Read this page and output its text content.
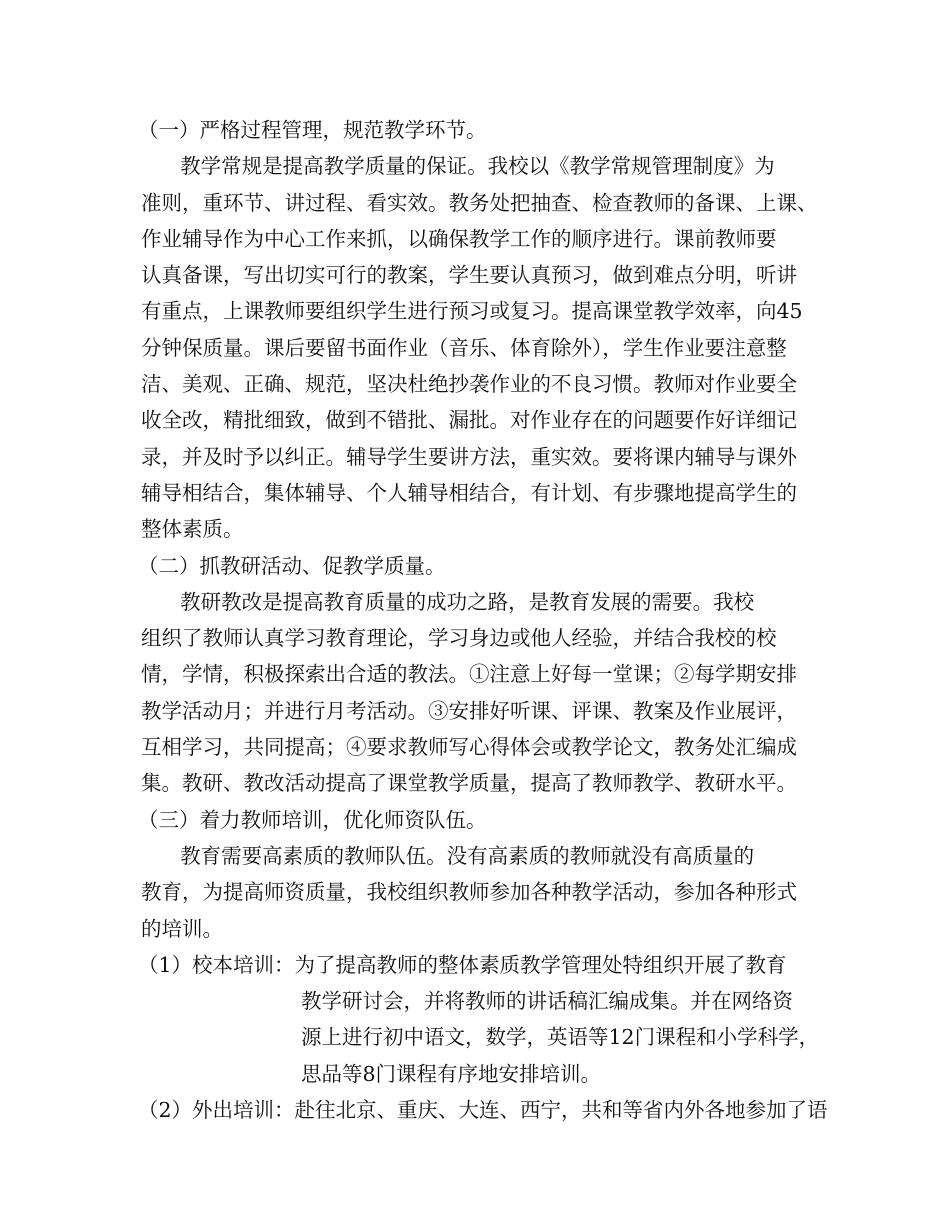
（一）严格过程管理，规范教学环节。
教学常规是提高教学质量的保证。我校以《教学常规管理制度》为
准则，重环节、讲过程、看实效。教务处把抽查、检查教师的备课、上课、
作业辅导作为中心工作来抓，以确保教学工作的顺序进行。课前教师要
认真备课，写出切实可行的教案，学生要认真预习，做到难点分明，听讲
有重点，上课教师要组织学生进行预习或复习。提高课堂教学效率，向45
分钟保质量。课后要留书面作业（音乐、体育除外），学生作业要注意整
洁、美观、正确、规范，坚决杜绝抄袭作业的不良习惯。教师对作业要全
收全改，精批细致，做到不错批、漏批。对作业存在的问题要作好详细记
录，并及时予以纠正。辅导学生要讲方法，重实效。要将课内辅导与课外
辅导相结合，集体辅导、个人辅导相结合，有计划、有步骤地提高学生的
整体素质。
（二）抓教研活动、促教学质量。
教研教改是提高教育质量的成功之路，是教育发展的需要。我校
组织了教师认真学习教育理论，学习身边或他人经验，并结合我校的校
情，学情，积极探索出合适的教法。①注意上好每一堂课；②每学期安排
教学活动月；并进行月考活动。③安排好听课、评课、教案及作业展评，
互相学习，共同提高；④要求教师写心得体会或教学论文，教务处汇编成
集。教研、教改活动提高了课堂教学质量，提高了教师教学、教研水平。
（三）着力教师培训，优化师资队伍。
教育需要高素质的教师队伍。没有高素质的教师就没有高质量的
教育，为提高师资质量，我校组织教师参加各种教学活动，参加各种形式
的培训。
（1）校本培训：为了提高教师的整体素质教学管理处特组织开展了教育
教学研讨会，并将教师的讲话稿汇编成集。并在网络资
源上进行初中语文，数学，英语等12门课程和小学科学，
思品等8门课程有序地安排培训。
（2）外出培训：赴往北京、重庆、大连、西宁，共和等省内外各地参加了语
